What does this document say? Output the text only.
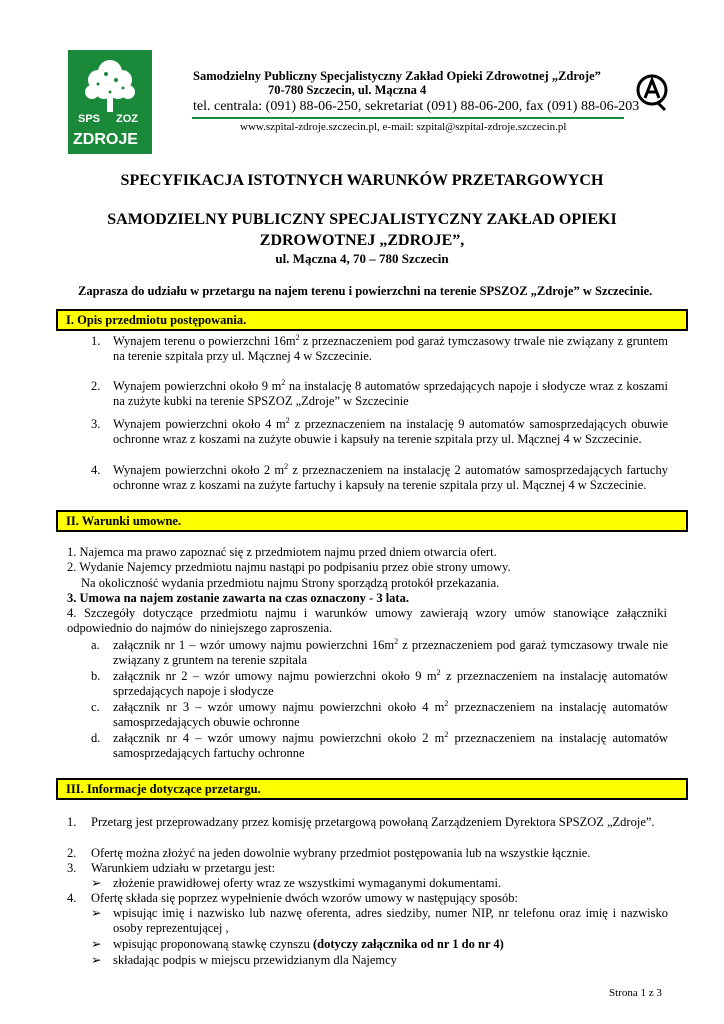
SPS ZOZ
ZDROJE
Samodzielny Publiczny Specjalistyczny Zakład Opieki Zdrowotnej „Zdroje”
70-780 Szczecin, ul. Mączna 4
tel. centrala: (091) 88-06-250, sekretariat (091) 88-06-200, fax (091) 88-06-203
www.szpital-zdroje.szczecin.pl, e-mail: szpital@szpital-zdroje.szczecin.pl
SPECYFIKACJA ISTOTNYCH WARUNKÓW PRZETARGOWYCH
SAMODZIELNY PUBLICZNY SPECJALISTYCZNY ZAKŁAD OPIEKI
ZDROWOTNEJ „ZDROJE”,
ul. Mączna 4, 70 – 780 Szczecin
Zaprasza do udziału w przetargu na najem terenu i powierzchni na terenie SPSZOZ „Zdroje” w Szczecinie.
I. Opis przedmiotu postępowania.
1. Wynajem terenu o powierzchni $16m^2$ z przeznaczeniem pod garaż tymczasowy trwale nie związany z gruntem na terenie szpitala przy ul. Mącznej 4 w Szczecinie.
2. Wynajem powierzchni około 9 $m^2$ na instalację 8 automatów sprzedających napoje i słodycze wraz z koszami na zużyte kubki na terenie SPSZOZ „Zdroje” w Szczecinie
3. Wynajem powierzchni około 4 $m^2$ z przeznaczeniem na instalację 9 automatów samosprzedających obuwie ochronne wraz z koszami na zużyte obuwie i kapsuły na terenie szpitala przy ul. Mącznej 4 w Szczecinie.
4. Wynajem powierzchni około 2 $m^2$ z przeznaczeniem na instalację 2 automatów samosprzedających fartuchy ochronne wraz z koszami na zużyte fartuchy i kapsuły na terenie szpitala przy ul. Mącznej 4 w Szczecinie.
II. Warunki umowne.
1. Najemca ma prawo zapoznać się z przedmiotem najmu przed dniem otwarcia ofert.
2. Wydanie Najemcy przedmiotu najmu nastąpi po podpisaniu przez obie strony umowy.
Na okoliczność wydania przedmiotu najmu Strony sporządzą protokół przekazania.
3. Umowa na najem zostanie zawarta na czas oznaczony - 3 lata.
4. Szczegóły dotyczące przedmiotu najmu i warunków umowy zawierają wzory umów stanowiące załączniki odpowiednio do najmów do niniejszego zaproszenia.
a. załącznik nr 1 – wzór umowy najmu powierzchni $16m^2$ z przeznaczeniem pod garaż tymczasowy trwale nie związany z gruntem na terenie szpitala
b. załącznik nr 2 – wzór umowy najmu powierzchni około 9 $m^2$ z przeznaczeniem na instalację automatów sprzedających napoje i słodycze
c. załącznik nr 3 – wzór umowy najmu powierzchni około 4 $m^2$ przeznaczeniem na instalację automatów samosprzedających obuwie ochronne
d. załącznik nr 4 – wzór umowy najmu powierzchni około 2 $m^2$ przeznaczeniem na instalację automatów samosprzedających fartuchy ochronne
III. Informacje dotyczące przetargu.
1. Przetarg jest przeprowadzany przez komisję przetargową powołaną Zarządzeniem Dyrektora SPSZOZ „Zdroje”.
2. Ofertę można złożyć na jeden dowolnie wybrany przedmiot postępowania lub na wszystkie łącznie.
3. Warunkiem udziału w przetargu jest:
➢ złożenie prawidłowej oferty wraz ze wszystkimi wymaganymi dokumentami.
4. Ofertę składa się poprzez wypełnienie dwóch wzorów umowy w następujący sposób:
➢ wpisując imię i nazwisko lub nazwę oferenta, adres siedziby, numer NIP, nr telefonu oraz imię i nazwisko osoby reprezentującej ,
➢ wpisując proponowaną stawkę czynszu (dotyczy załącznika od nr 1 do nr 4)
➢ składając podpis w miejscu przewidzianym dla Najemcy
Strona 1 z 3
